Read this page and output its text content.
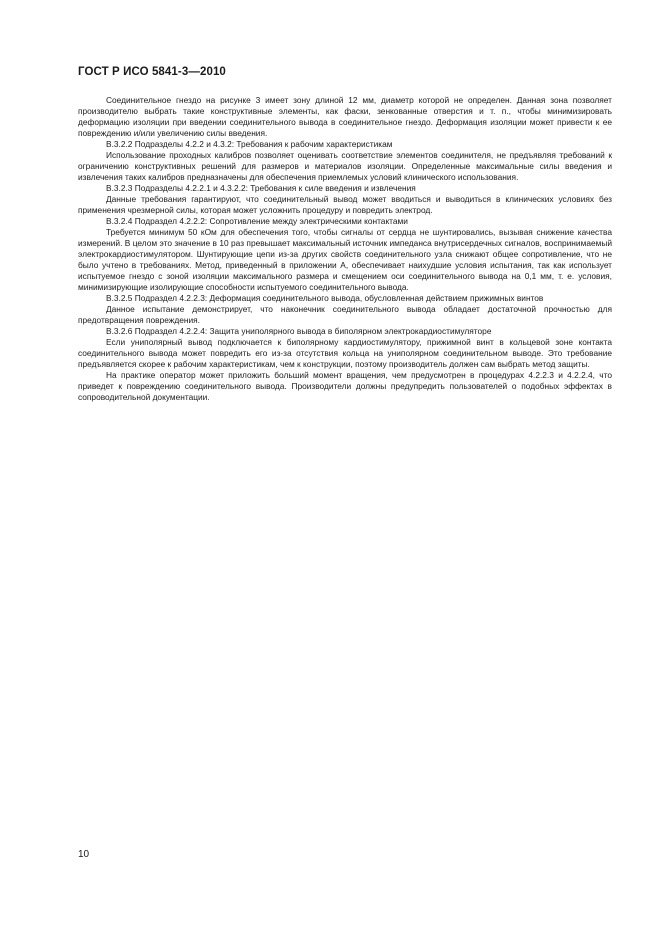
ГОСТ Р ИСО 5841-3—2010

Соединительное гнездо на рисунке 3 имеет зону длиной 12 мм, диаметр которой не определен. Данная зона позволяет производителю выбрать такие конструктивные элементы, как фаски, зенкованные отверстия и т. п., чтобы минимизировать деформацию изоляции при введении соединительного вывода в соединительное гнездо. Деформация изоляции может привести к ее повреждению и/или увеличению силы введения.

В.3.2.2 Подразделы 4.2.2 и 4.3.2: Требования к рабочим характеристикам

Использование проходных калибров позволяет оценивать соответствие элементов соединителя, не предъявляя требований к ограничению конструктивных решений для размеров и материалов изоляции. Определенные максимальные силы введения и извлечения таких калибров предназначены для обеспечения приемлемых условий клинического использования.

В.3.2.3 Подразделы 4.2.2.1 и 4.3.2.2: Требования к силе введения и извлечения

Данные требования гарантируют, что соединительный вывод может вводиться и выводиться в клинических условиях без применения чрезмерной силы, которая может усложнить процедуру и повредить электрод.

В.3.2.4 Подраздел 4.2.2.2: Сопротивление между электрическими контактами

Требуется минимум 50 кОм для обеспечения того, чтобы сигналы от сердца не шунтировались, вызывая снижение качества измерений. В целом это значение в 10 раз превышает максимальный источник импеданса внутрисердечных сигналов, воспринимаемый электрокардиостимулятором. Шунтирующие цепи из-за других свойств соединительного узла снижают общее сопротивление, что не было учтено в требованиях. Метод, приведенный в приложении А, обеспечивает наихудшие условия испытания, так как использует испытуемое гнездо с зоной изоляции максимального размера и смещением оси соединительного вывода на 0,1 мм, т. е. условия, минимизирующие изолирующие способности испытуемого соединительного вывода.

В.3.2.5 Подраздел 4.2.2.3: Деформация соединительного вывода, обусловленная действием прижимных винтов

Данное испытание демонстрирует, что наконечник соединительного вывода обладает достаточной прочностью для предотвращения повреждения.

В.3.2.6 Подраздел 4.2.2.4: Защита униполярного вывода в биполярном электрокардиостимуляторе

Если униполярный вывод подключается к биполярному кардиостимулятору, прижимной винт в кольцевой зоне контакта соединительного вывода может повредить его из-за отсутствия кольца на униполярном соединительном выводе. Это требование предъявляется скорее к рабочим характеристикам, чем к конструкции, поэтому производитель должен сам выбрать метод защиты.

На практике оператор может приложить больший момент вращения, чем предусмотрен в процедурах 4.2.2.3 и 4.2.2.4, что приведет к повреждению соединительного вывода. Производители должны предупредить пользователей о подобных эффектах в сопроводительной документации.

10
